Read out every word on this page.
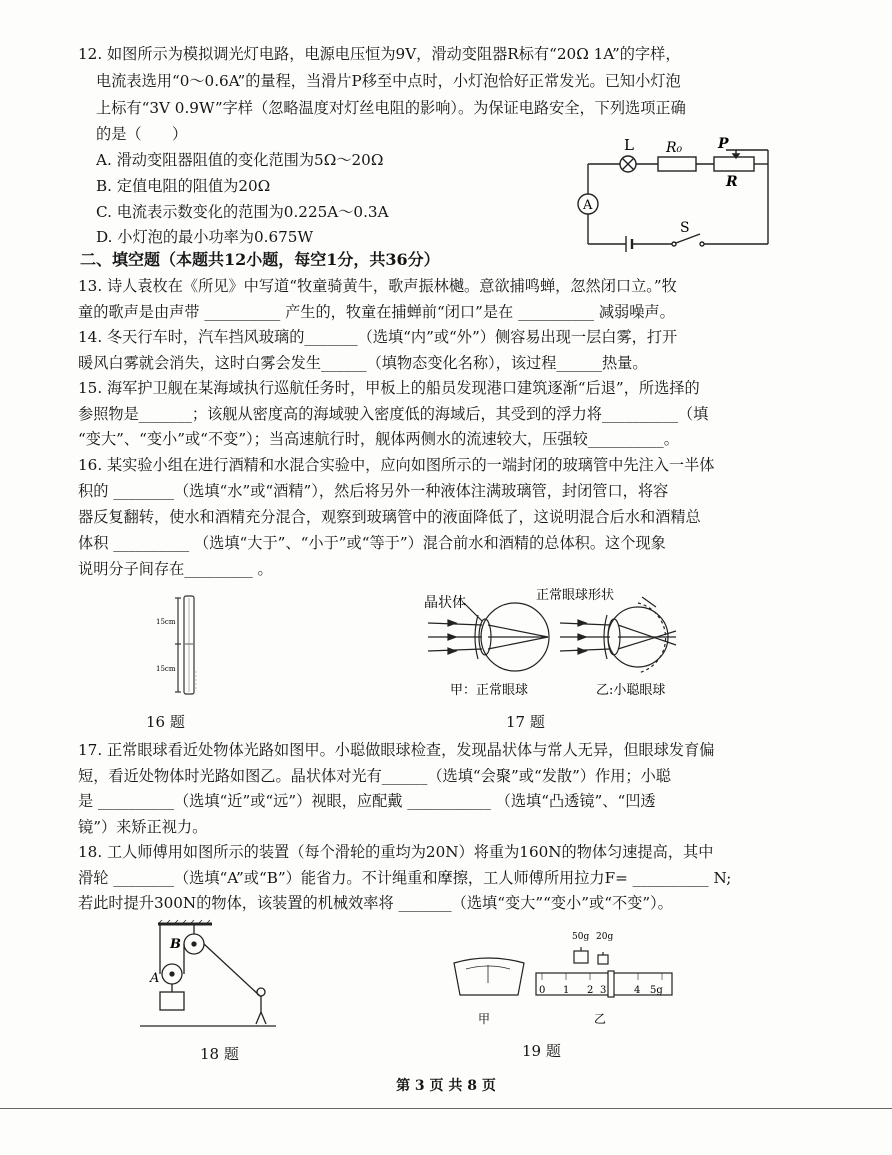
12. 如图所示为模拟调光灯电路，电源电压恒为9V，滑动变阻器R标有“20Ω 1A”的字样，
电流表选用“0～0.6A”的量程，当滑片P移至中点时，小灯泡恰好正常发光。已知小灯泡
上标有“3V 0.9W”字样（忽略温度对灯丝电阻的影响）。为保证电路安全，下列选项正确
的是（　　）
A. 滑动变阻器阻值的变化范围为5Ω～20Ω
B. 定值电阻的阻值为20Ω
C. 电流表示数变化的范围为0.225A～0.3A
D. 小灯泡的最小功率为0.675W
L R₀	P
R
A
S
二、填空题（本题共12小题，每空1分，共36分）
13. 诗人袁枚在《所见》中写道“牧童骑黄牛，歌声振林樾。意欲捕鸣蝉，忽然闭口立。”牧
童的歌声是由声带 __________ 产生的，牧童在捕蝉前“闭口”是在 __________ 减弱噪声。
14. 冬天行车时，汽车挡风玻璃的_______（选填“内”或“外”）侧容易出现一层白雾，打开
暖风白雾就会消失，这时白雾会发生______（填物态变化名称），该过程______热量。
15. 海军护卫舰在某海域执行巡航任务时，甲板上的船员发现港口建筑逐渐“后退”，所选择的
参照物是_______；该舰从密度高的海域驶入密度低的海域后，其受到的浮力将__________（填
“变大”、“变小”或“不变”）；当高速航行时，舰体两侧水的流速较大，压强较__________。
16. 某实验小组在进行酒精和水混合实验中，应向如图所示的一端封闭的玻璃管中先注入一半体
积的 ________（选填“水”或“酒精”），然后将另外一种液体注满玻璃管，封闭管口，将容
器反复翻转，使水和酒精充分混合，观察到玻璃管中的液面降低了，这说明混合后水和酒精总
体积 __________ （选填“大于”、“小于”或“等于”）混合前水和酒精的总体积。这个现象
说明分子间存在_________ 。
15cm
15cm
16 题
晶状体	正常眼球形状
甲：正常眼球	乙:小聪眼球
17 题
17. 正常眼球看近处物体光路如图甲。小聪做眼球检查，发现晶状体与常人无异，但眼球发育偏
短，看近处物体时光路如图乙。晶状体对光有______（选填“会聚”或“发散”）作用；小聪
是 __________（选填“近”或“远”）视眼，应配戴 ___________ （选填“凸透镜”、“凹透
镜”）来矫正视力。
18. 工人师傅用如图所示的装置（每个滑轮的重均为20N）将重为160N的物体匀速提高，其中
滑轮 ________（选填“A”或“B”）能省力。不计绳重和摩擦，工人师傅所用拉力F= __________ N;
若此时提升300N的物体，该装置的机械效率将 _______（选填“变大”“变小”或“不变”）。
B
A
18 题
50g 20g
0 1 2 3	4 5g
甲	乙
19 题
第 3 页 共 8 页
